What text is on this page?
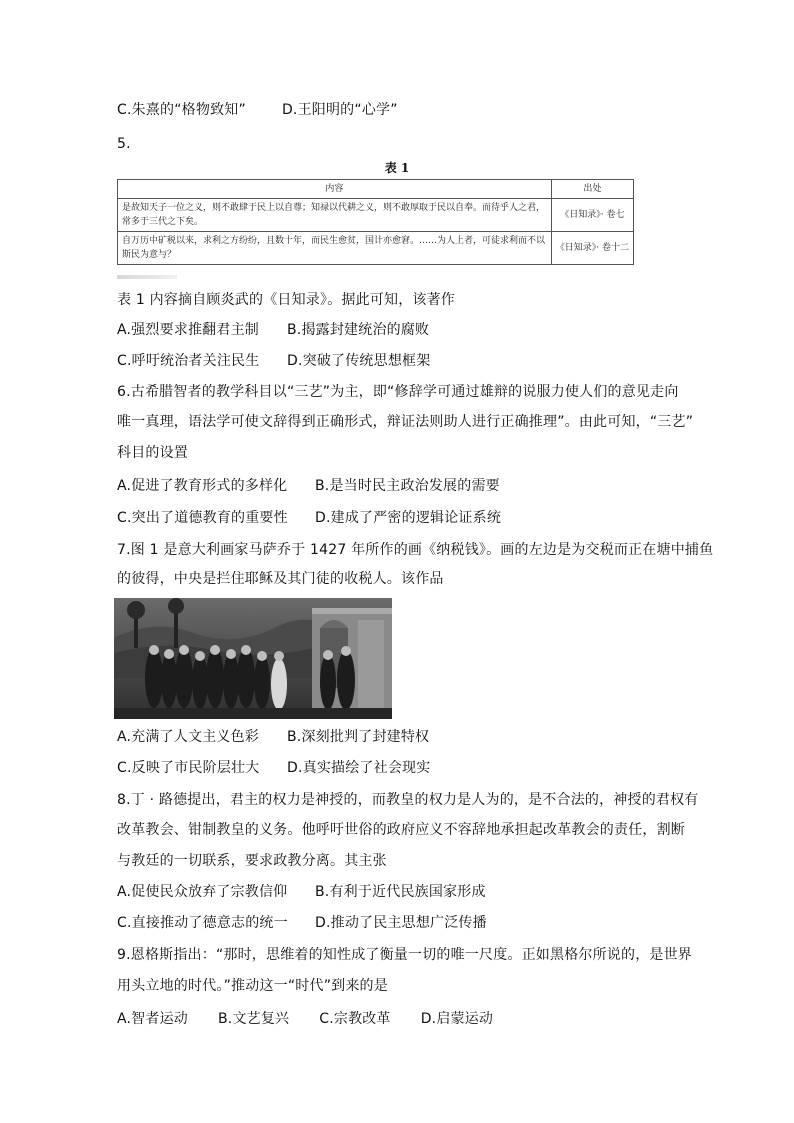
C.朱熹的“格物致知”	D.王阳明的“心学”
5.
表 1
内容	出处
是故知天子一位之义，则不敢肆于民上以自尊；知禄以代耕之义，则不敢厚取于民以自奉。而待乎人之君，常多于三代之下矣。	《日知录》· 卷七
自万历中矿税以来，求利之方纷纷，且数十年，而民生愈贫，国计亦愈窘。……为人上者，可徒求利而不以斯民为意与？	《日知录》· 卷十二
表 1 内容摘自顾炎武的《日知录》。据此可知，该著作
A.强烈要求推翻君主制 B.揭露封建统治的腐败
C.呼吁统治者关注民生 D.突破了传统思想框架
6.古希腊智者的教学科目以“三艺”为主，即“修辞学可通过雄辩的说服力使人们的意见走向
唯一真理，语法学可使文辞得到正确形式，辩证法则助人进行正确推理”。由此可知，“三艺”
科目的设置
A.促进了教育形式的多样化 B.是当时民主政治发展的需要
C.突出了道德教育的重要性 D.建成了严密的逻辑论证系统
7.图 1 是意大利画家马萨乔于 1427 年所作的画《纳税钱》。画的左边是为交税而正在塘中捕鱼
的彼得，中央是拦住耶稣及其门徒的收税人。该作品
A.充满了人文主义色彩 B.深刻批判了封建特权
C.反映了市民阶层壮大 D.真实描绘了社会现实
8.丁 · 路德提出，君主的权力是神授的，而教皇的权力是人为的，是不合法的，神授的君权有
改革教会、钳制教皇的义务。他呼吁世俗的政府应义不容辞地承担起改革教会的责任，割断
与教廷的一切联系，要求政教分离。其主张
A.促使民众放弃了宗教信仰 B.有利于近代民族国家形成
C.直接推动了德意志的统一 D.推动了民主思想广泛传播
9.恩格斯指出：“那时，思维着的知性成了衡量一切的唯一尺度。正如黑格尔所说的，是世界
用头立地的时代。”推动这一“时代”到来的是
A.智者运动 B.文艺复兴 C.宗教改革 D.启蒙运动
